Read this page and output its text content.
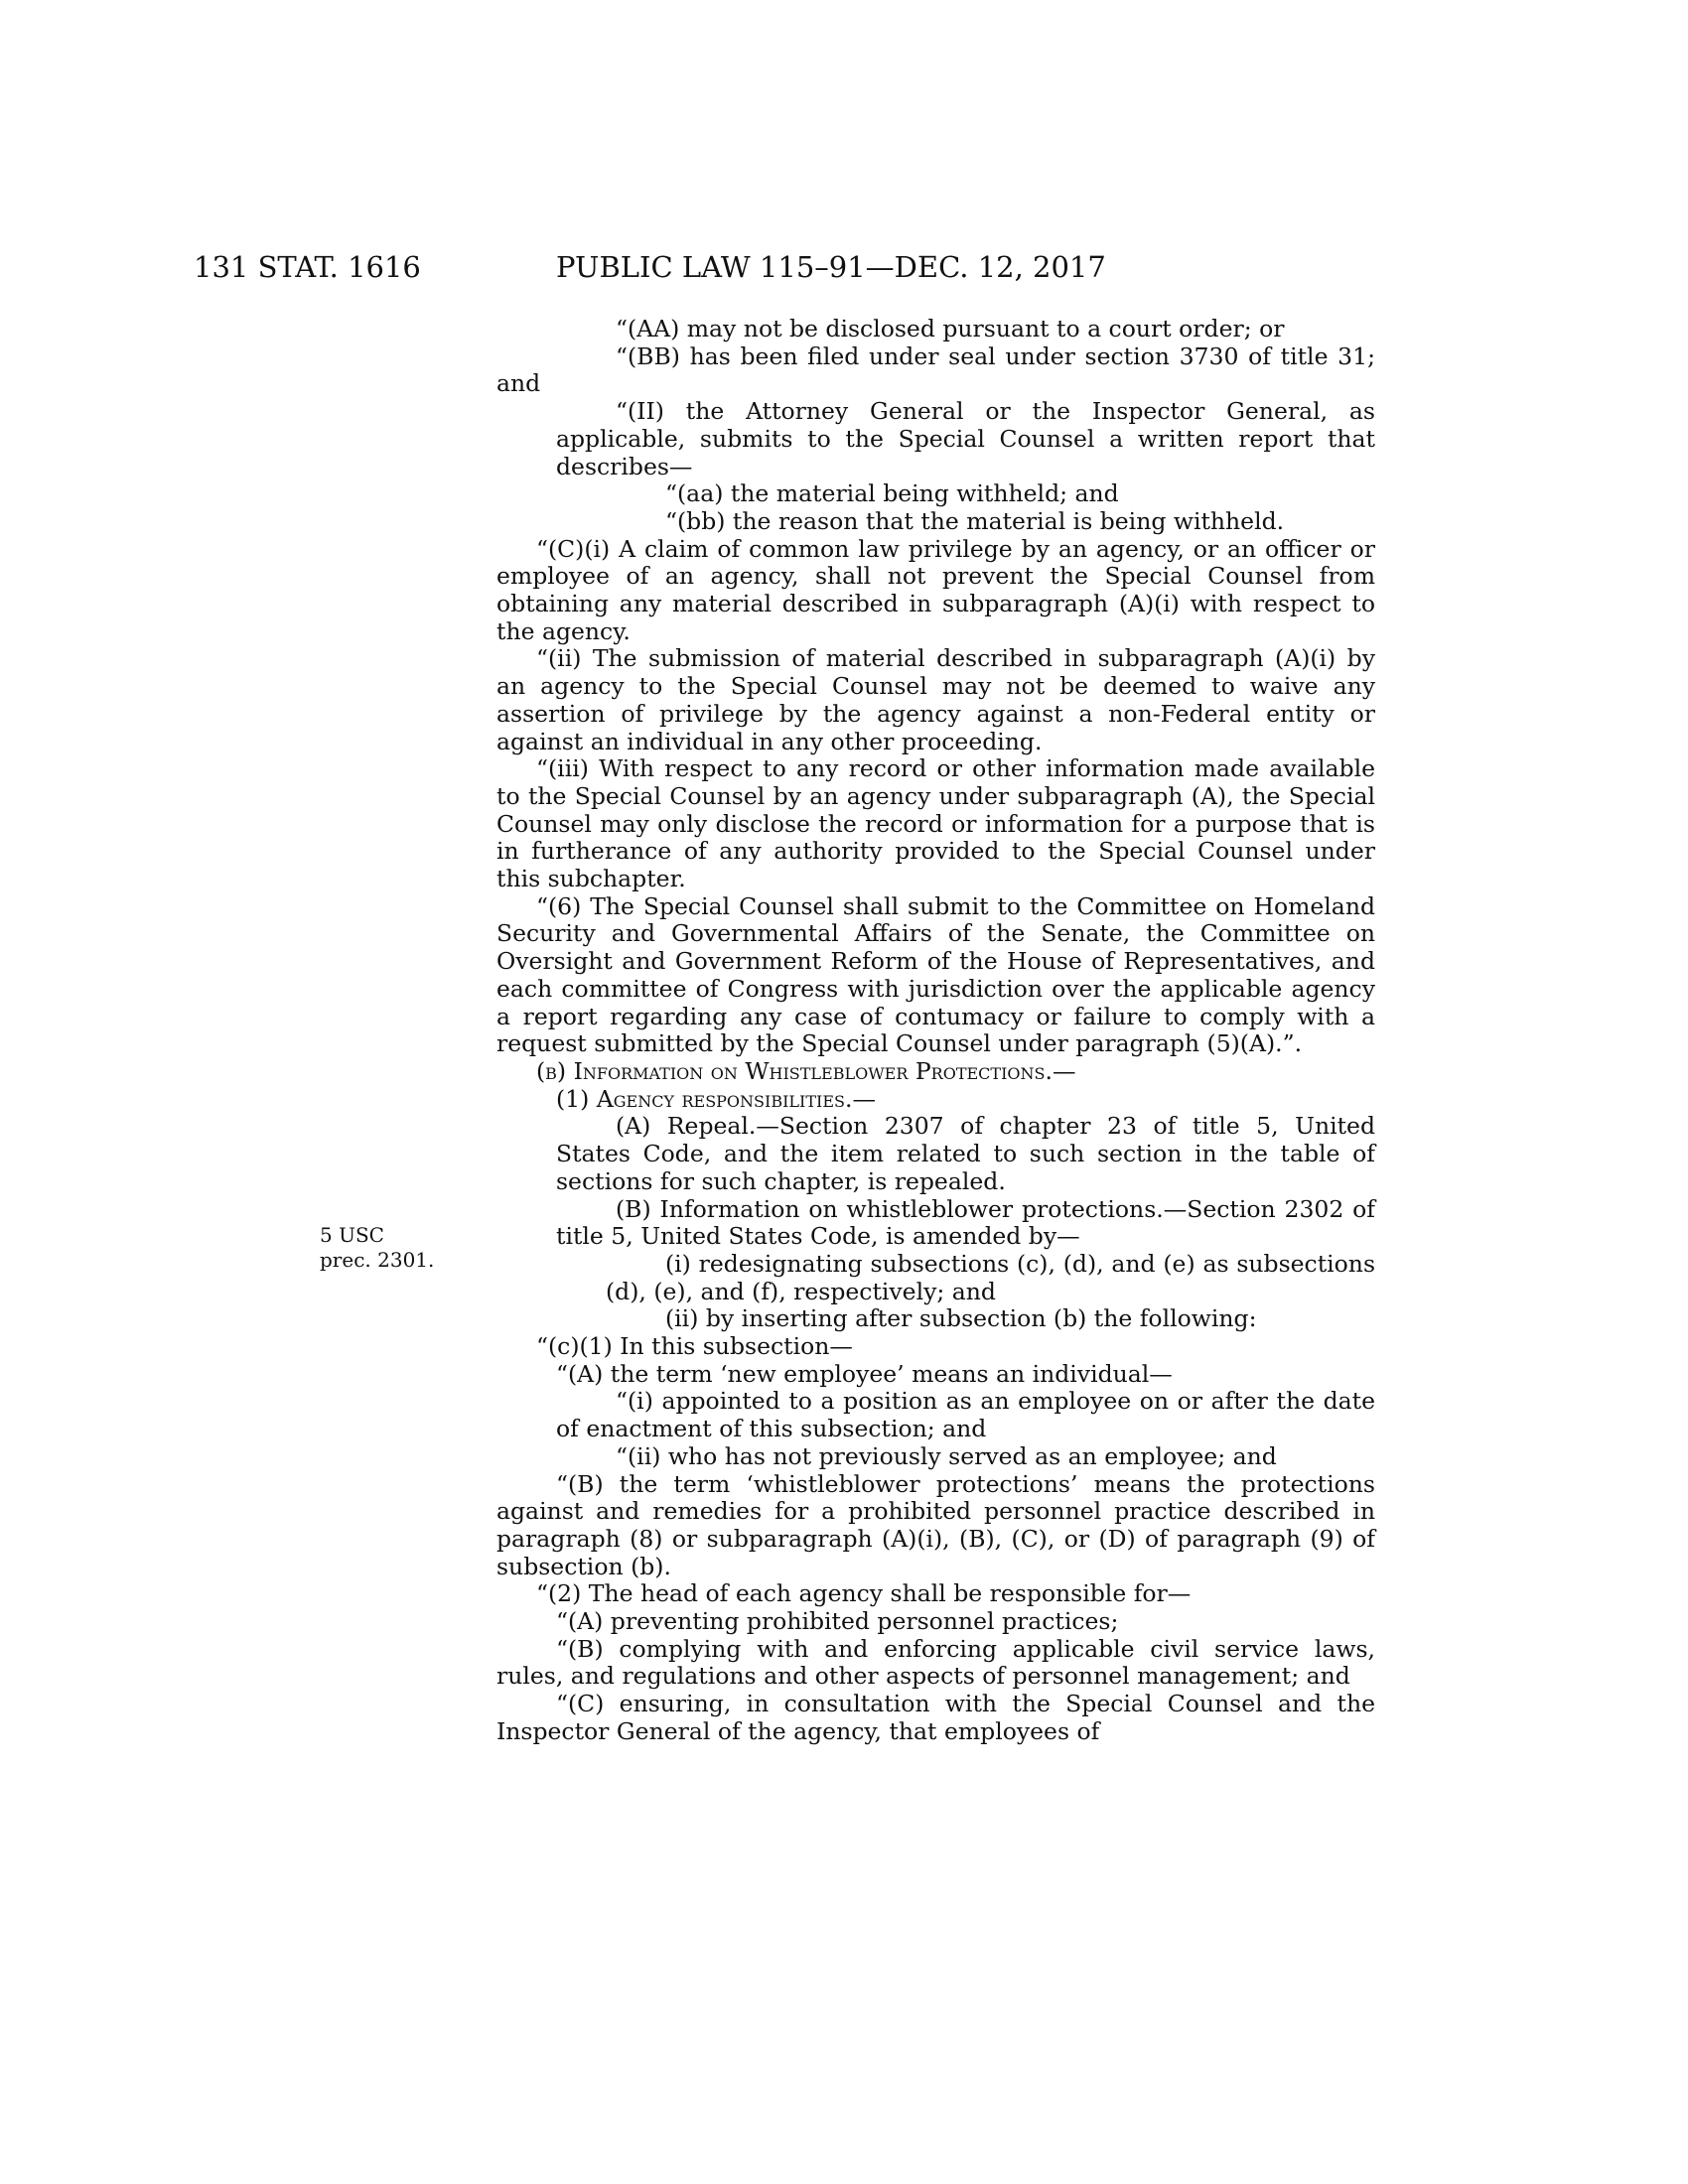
131 STAT. 1616	PUBLIC LAW 115–91—DEC. 12, 2017
5 USC
prec. 2301.

“(AA) may not be disclosed pursuant to a court order; or

“(BB) has been filed under seal under section 3730 of title 31; and

“(II) the Attorney General or the Inspector General, as applicable, submits to the Special Counsel a written report that describes—

“(aa) the material being withheld; and

“(bb) the reason that the material is being withheld.

“(C)(i) A claim of common law privilege by an agency, or an officer or employee of an agency, shall not prevent the Special Counsel from obtaining any material described in subparagraph (A)(i) with respect to the agency.

“(ii) The submission of material described in subparagraph (A)(i) by an agency to the Special Counsel may not be deemed to waive any assertion of privilege by the agency against a non-Federal entity or against an individual in any other proceeding.

“(iii) With respect to any record or other information made available to the Special Counsel by an agency under subparagraph (A), the Special Counsel may only disclose the record or information for a purpose that is in furtherance of any authority provided to the Special Counsel under this subchapter.

“(6) The Special Counsel shall submit to the Committee on Homeland Security and Governmental Affairs of the Senate, the Committee on Oversight and Government Reform of the House of Representatives, and each committee of Congress with jurisdiction over the applicable agency a report regarding any case of contumacy or failure to comply with a request submitted by the Special Counsel under paragraph (5)(A).”.

(b) Information on Whistleblower Protections.—

(1) Agency responsibilities.—

(A) Repeal.—Section 2307 of chapter 23 of title 5, United States Code, and the item related to such section in the table of sections for such chapter, is repealed.

(B) Information on whistleblower protections.—Section 2302 of title 5, United States Code, is amended by—

(i) redesignating subsections (c), (d), and (e) as subsections (d), (e), and (f), respectively; and

(ii) by inserting after subsection (b) the following:

“(c)(1) In this subsection—

“(A) the term ‘new employee’ means an individual—

“(i) appointed to a position as an employee on or after the date of enactment of this subsection; and

“(ii) who has not previously served as an employee; and

“(B) the term ‘whistleblower protections’ means the protections against and remedies for a prohibited personnel practice described in paragraph (8) or subparagraph (A)(i), (B), (C), or (D) of paragraph (9) of subsection (b).

“(2) The head of each agency shall be responsible for—

“(A) preventing prohibited personnel practices;

“(B) complying with and enforcing applicable civil service laws, rules, and regulations and other aspects of personnel management; and

“(C) ensuring, in consultation with the Special Counsel and the Inspector General of the agency, that employees of
